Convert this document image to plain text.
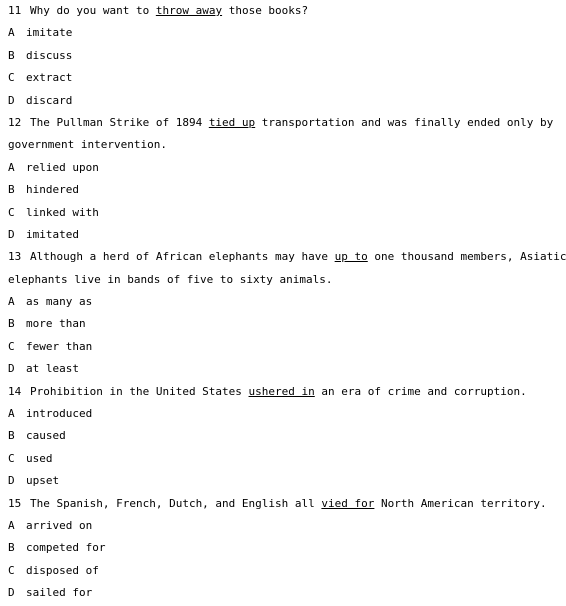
11 Why do you want to throw away those books?
A imitate
B discuss
C extract
D discard
12 The Pullman Strike of 1894 tied up transportation and was finally ended only by
government intervention.
A relied upon
B hindered
C linked with
D imitated
13 Although a herd of African elephants may have up to one thousand members, Asiatic
elephants live in bands of five to sixty animals.
A as many as
B more than
C fewer than
D at least
14 Prohibition in the United States ushered in an era of crime and corruption.
A introduced
B caused
C used
D upset
15 The Spanish, French, Dutch, and English all vied for North American territory.
A arrived on
B competed for
C disposed of
D sailed for
